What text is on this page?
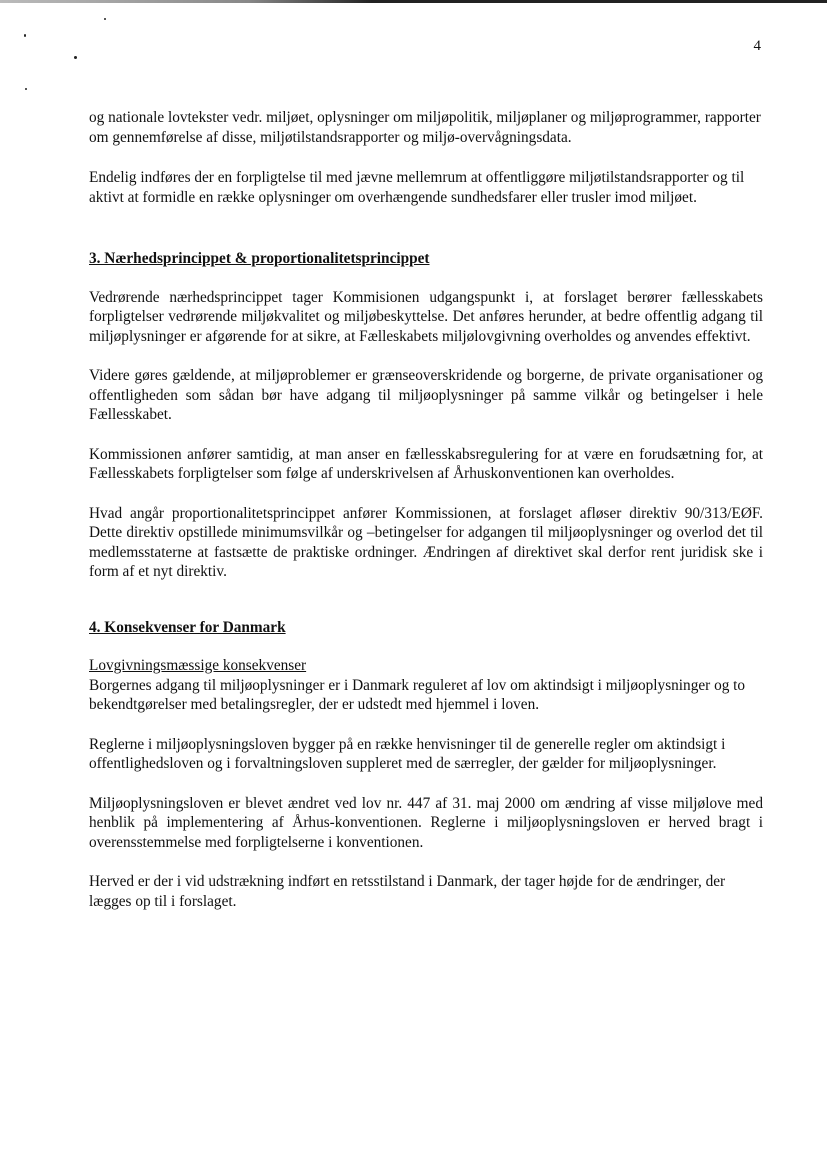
4

og nationale lovtekster vedr. miljøet, oplysninger om miljøpolitik, miljøplaner og miljøprogrammer, rapporter om gennemførelse af disse, miljøtilstandsrapporter og miljø-overvågningsdata.

Endelig indføres der en forpligtelse til med jævne mellemrum at offentliggøre miljøtilstandsrapporter og til aktivt at formidle en række oplysninger om overhængende sundhedsfarer eller trusler imod miljøet.

3. Nærhedsprincippet & proportionalitetsprincippet

Vedrørende nærhedsprincippet tager Kommisionen udgangspunkt i, at forslaget berører fællesskabets forpligtelser vedrørende miljøkvalitet og miljøbeskyttelse. Det anføres herunder, at bedre offentlig adgang til miljøplysninger er afgørende for at sikre, at Fælleskabets miljølovgivning overholdes og anvendes effektivt.

Videre gøres gældende, at miljøproblemer er grænseoverskridende og borgerne, de private organisationer og offentligheden som sådan bør have adgang til miljøoplysninger på samme vilkår og betingelser i hele Fællesskabet.

Kommissionen anfører samtidig, at man anser en fællesskabsregulering for at være en forudsætning for, at Fællesskabets forpligtelser som følge af underskrivelsen af Århuskonventionen kan overholdes.

Hvad angår proportionalitetsprincippet anfører Kommissionen, at forslaget afløser direktiv 90/313/EØF. Dette direktiv opstillede minimumsvilkår og –betingelser for adgangen til miljøoplysninger og overlod det til medlemsstaterne at fastsætte de praktiske ordninger. Ændringen af direktivet skal derfor rent juridisk ske i form af et nyt direktiv.

4. Konsekvenser for Danmark

Lovgivningsmæssige konsekvenser

Borgernes adgang til miljøoplysninger er i Danmark reguleret af lov om aktindsigt i miljøoplysninger og to bekendtgørelser med betalingsregler, der er udstedt med hjemmel i loven.

Reglerne i miljøoplysningsloven bygger på en række henvisninger til de generelle regler om aktindsigt i offentlighedsloven og i forvaltningsloven suppleret med de særregler, der gælder for miljøoplysninger.

Miljøoplysningsloven er blevet ændret ved lov nr. 447 af 31. maj 2000 om ændring af visse miljølove med henblik på implementering af Århus-konventionen. Reglerne i miljøoplysningsloven er herved bragt i overensstemmelse med forpligtelserne i konventionen.

Herved er der i vid udstrækning indført en retsstilstand i Danmark, der tager højde for de ændringer, der lægges op til i forslaget.
